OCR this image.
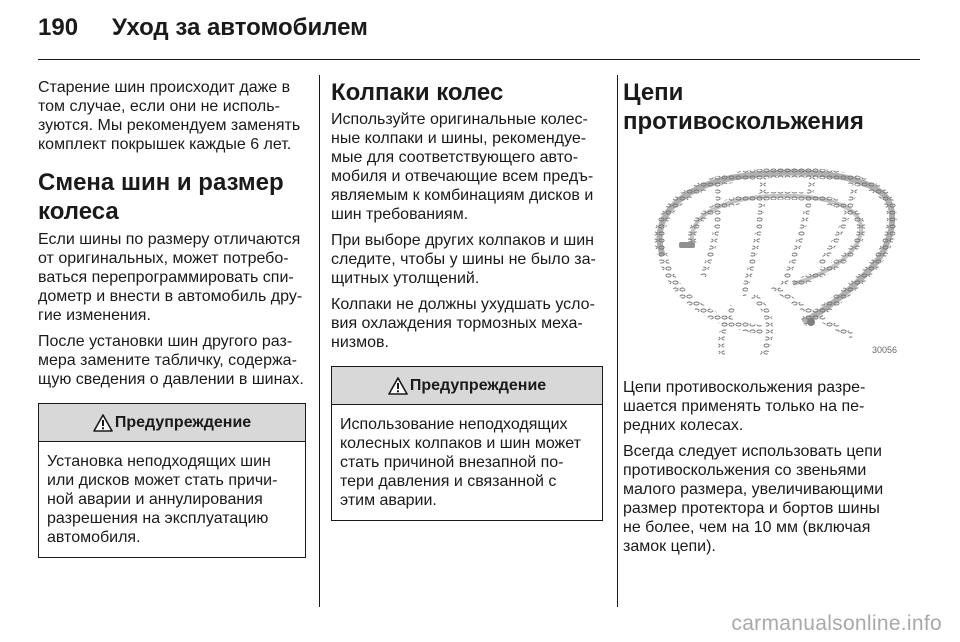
190 Уход за автомобилем

Старение шин происходит даже в том случае, если они не исполь-зуются. Мы рекомендуем заменять комплект покрышек каждые 6 лет.

Смена шин и размер колеса

Если шины по размеру отличаются от оригинальных, может потребо-ваться перепрограммировать спи-дометр и внести в автомобиль дру-гие изменения.

После установки шин другого раз-мера замените табличку, содержа-щую сведения о давлении в шинах.

Предупреждение
Установка неподходящих шин или дисков может стать причи-ной аварии и аннулирования разрешения на эксплуатацию автомобиля.
Колпаки колес

Используйте оригинальные колес-ные колпаки и шины, рекомендуе-мые для соответствующего авто-мобиля и отвечающие всем предъ-являемым к комбинациям дисков и шин требованиям.

При выборе других колпаков и шин следите, чтобы у шины не было за-щитных утолщений.

Колпаки не должны ухудшать усло-вия охлаждения тормозных меха-низмов.

Предупреждение
Использование неподходящих колесных колпаков и шин может стать причиной внезапной по-тери давления и связанной с этим аварии.
Цепи противоскольжения
30056

Цепи противоскольжения разре-шается применять только на пе-редних колесах.

Всегда следует использовать цепи противоскольжения со звеньями малого размера, увеличивающими размер протектора и бортов шины не более, чем на 10 мм (включая замок цепи).

carmanualsonline.info
